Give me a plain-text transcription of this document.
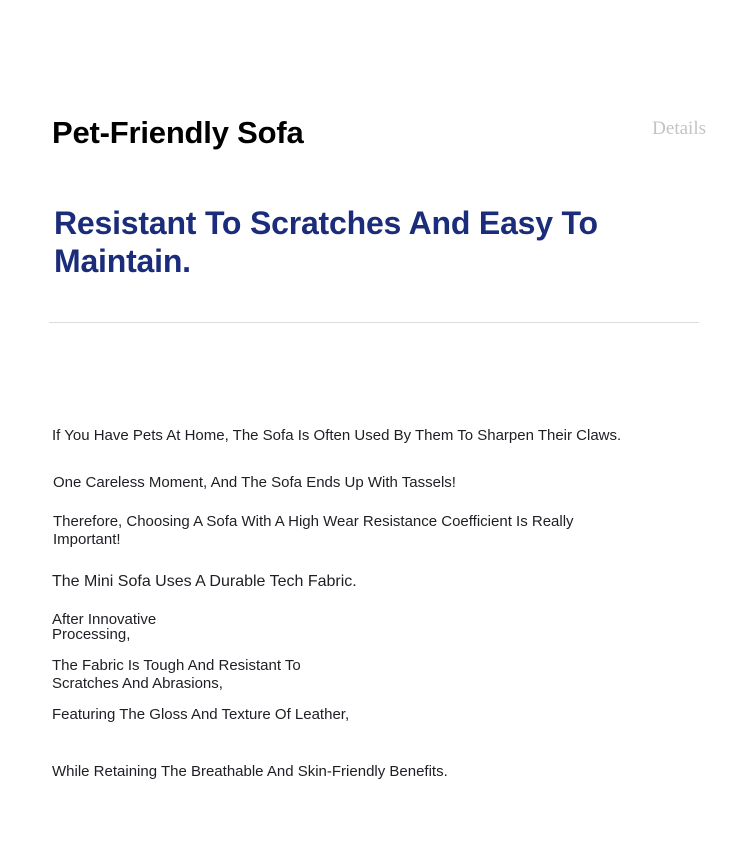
Pet-Friendly Sofa	Details
Resistant To Scratches And Easy To Maintain.

If You Have Pets At Home, The Sofa Is Often Used By Them To Sharpen Their Claws.

One Careless Moment, And The Sofa Ends Up With Tassels!

Therefore, Choosing A Sofa With A High Wear Resistance Coefficient Is Really Important!

The Mini Sofa Uses A Durable Tech Fabric.

After Innovative Processing,

The Fabric Is Tough And Resistant To Scratches And Abrasions,

Featuring The Gloss And Texture Of Leather,

While Retaining The Breathable And Skin-Friendly Benefits.
